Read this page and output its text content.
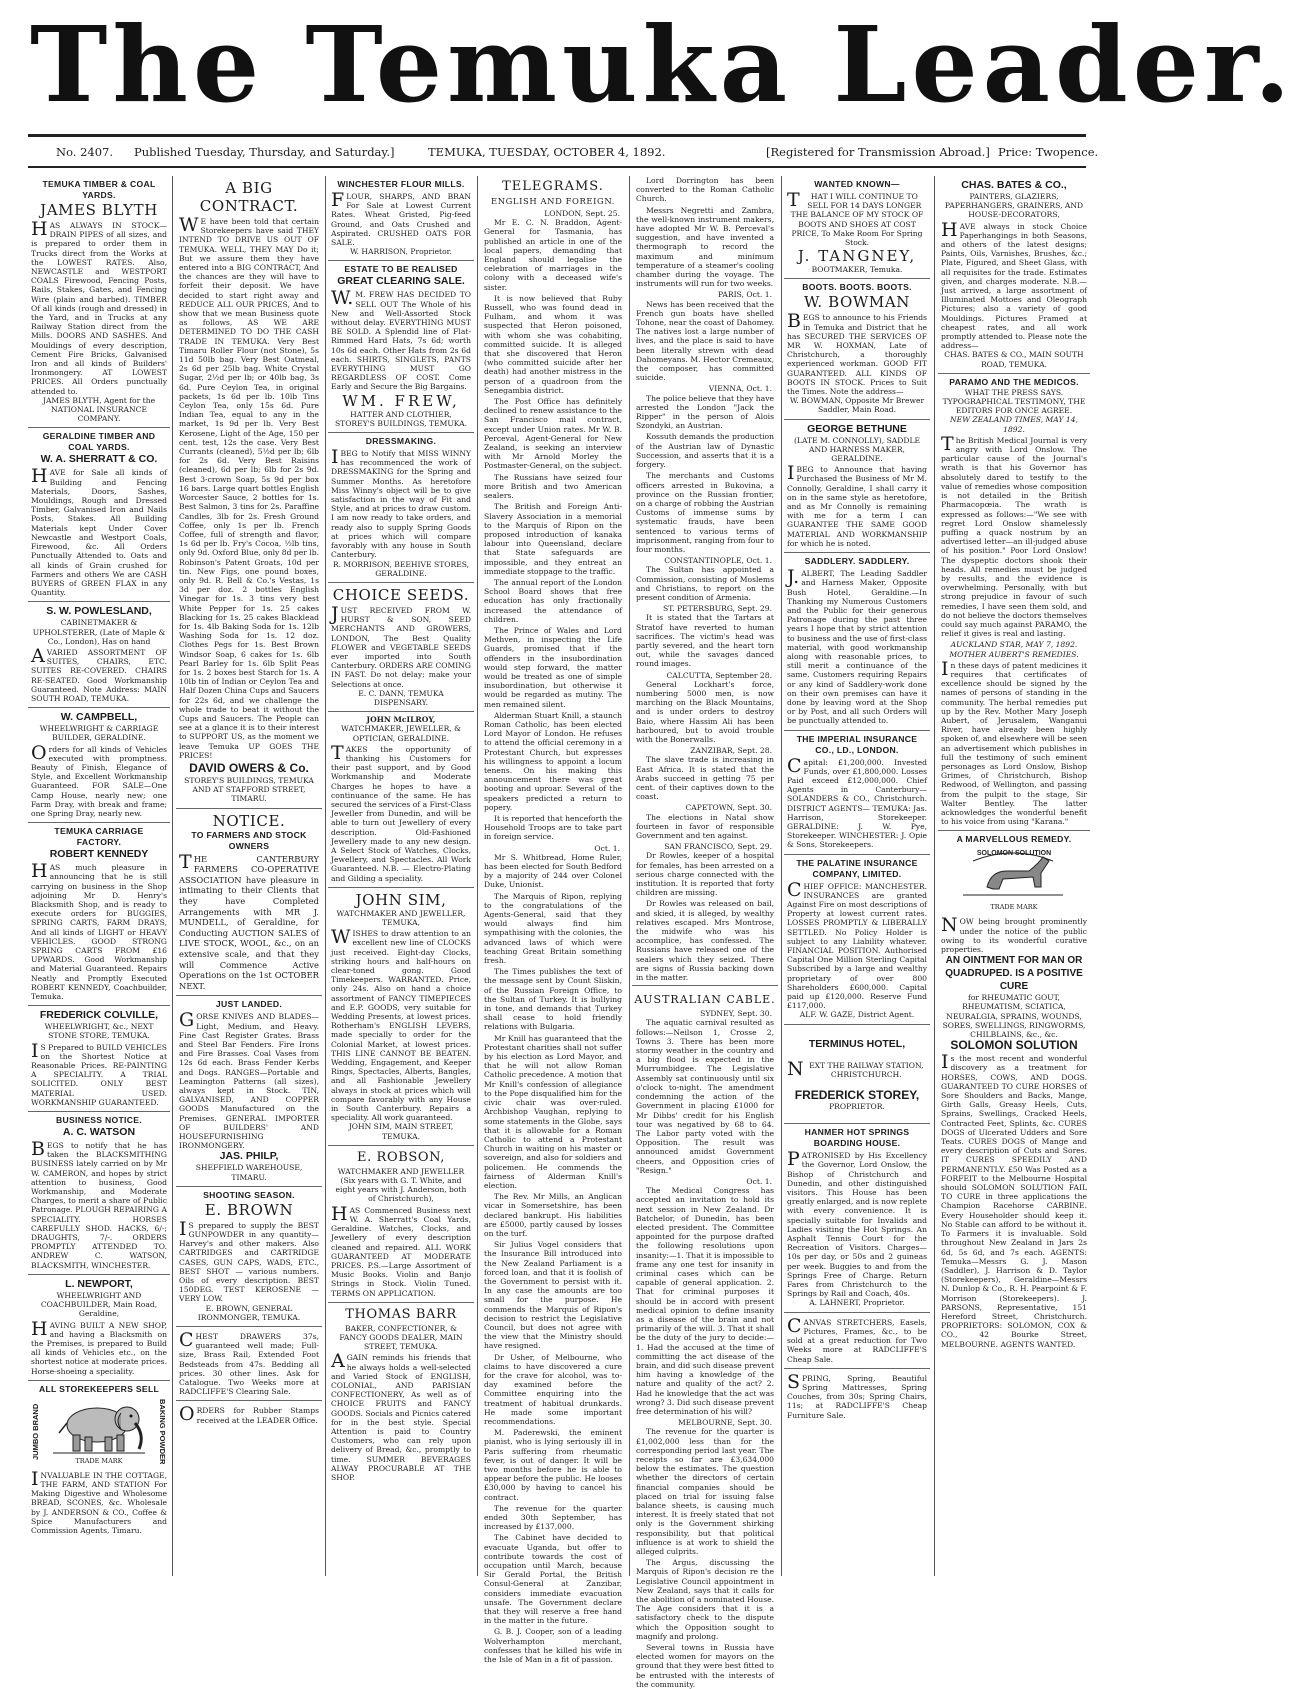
The Temuka Leader.
No. 2407. Published Tuesday, Thursday, and Saturday.]	TEMUKA, TUESDAY, OCTOBER 4, 1892.	[Registered for Transmission Abroad.] Price: Twopence.
TEMUKA TIMBER & COAL YARDS.
JAMES BLYTH
HAS ALWAYS IN STOCK— DRAIN PIPES of all sizes, and is prepared to order them in Trucks direct from the Works at the LOWEST RATES. Also, NEWCASTLE and WESTPORT COALS Firewood, Fencing Posts, Rails, Stakes, Gates, and Fencing Wire (plain and barbed). TIMBER Of all kinds (rough and dressed) in the Yard, and in Trucks at any Railway Station direct from the Mills. DOORS AND SASHES. And Mouldings of every description, Cement Fire Bricks, Galvanised Iron and all kinds of Builders' Ironmongery. AT LOWEST PRICES. All Orders punctually attended to.
JAMES BLYTH, Agent for the NATIONAL INSURANCE COMPANY.
GERALDINE TIMBER AND COAL YARDS.
W. A. SHERRATT & CO.
HAVE for Sale all kinds of Building and Fencing Materials, Doors, Sashes, Mouldings, Rough and Dressed Timber, Galvanised Iron and Nails Posts, Stakes. All Building Materials kept Under Cover Newcastle and Westport Coals, Firewood, &c. All Orders Punctually Attended to. Oats and all kinds of Grain crushed for Farmers and others We are CASH BUYERS of GREEN FLAX in any Quantity.
S. W. POWLESLAND,
CABINETMAKER & UPHOLSTERER, (Late of Maple & Co., London), Has on hand
AVARIED ASSORTMENT OF SUITES, CHAIRS, ETC. SUITES RE-COVERED. CHAIRS RE-SEATED. Good Workmanship Guaranteed. Note Address: MAIN SOUTH ROAD, TEMUKA.
W. CAMPBELL,
WHEELWRIGHT & CARRIAGE BUILDER, GERALDINE.
Orders for all kinds of Vehicles executed with promptness. Beauty of Finish, Elegance of Style, and Excellent Workmanship Guaranteed. FOR SALE—One Camp House, nearly new; one Farm Dray, with break and frame; one Spring Dray, nearly new.
TEMUKA CARRIAGE FACTORY.
ROBERT KENNEDY
HAS much pleasure in announcing that he is still carrying on business in the Shop adjoining Mr D. Henry's Blacksmith Shop, and is ready to execute orders for BUGGIES, SPRING CARTS, FARM DRAYS, And all kinds of LIGHT or HEAVY VEHICLES. GOOD STRONG SPRING CARTS FROM £16 UPWARDS. Good Workmanship and Material Guaranteed. Repairs Neatly and Promptly Executed ROBERT KENNEDY, Coachbuilder, Temuka.
FREDERICK COLVILLE,
WHEELWRIGHT, &c., NEXT STONE STORE, TEMUKA.
IS Prepared to BUILD VEHICLES on the Shortest Notice at Reasonable Prices. RE-PAINTING A SPECIALITY. A TRIAL SOLICITED. ONLY BEST MATERIAL USED. WORKMANSHIP GUARANTEED.
BUSINESS NOTICE.
A. C. WATSON
BEGS to notify that he has taken the BLACKSMITHING BUSINESS lately carried on by Mr W. CAMERON, and hopes by strict attention to business, Good Workmanship, and Moderate Charges, to merit a share of Public Patronage. PLOUGH REPAIRING A SPECIALITY. HORSES CAREFULLY SHOD. HACKS, 6/-; DRAUGHTS, 7/-. ORDERS PROMPTLY ATTENDED TO. ANDREW C. WATSON, BLACKSMITH, WINCHESTER.
L. NEWPORT,
WHEELWRIGHT AND COACHBUILDER, Main Road, Geraldine,
HAVING BUILT A NEW SHOP, and having a Blacksmith on the Premises, is prepared to Build all kinds of Vehicles etc., on the shortest notice at moderate prices. Horse-shoeing a speciality.
ALL STOREKEEPERS SELL
JUMBO BRAND	BAKING POWDER
TRADE MARK
INVALUABLE IN THE COTTAGE, THE FARM, AND STATION For Making Digestive and Wholesome BREAD, SCONES, &c. Wholesale by J. ANDERSON & CO., Coffee & Spice Manufacturers and Commission Agents, Timaru.
A BIG CONTRACT.
WE have been told that certain Storekeepers have said THEY INTEND TO DRIVE US OUT OF TEMUKA. WELL, THEY MAY Do it; But we assure them they have entered into a BIG CONTRACT, And the chances are they will have to forfeit their deposit. We have decided to start right away and REDUCE ALL OUR PRICES, And to show that we mean Business quote as follows, AS WE ARE DETERMINED TO DO THE CASH TRADE IN TEMUKA. Very Best Timaru Roller Flour (not Stone), 5s 11d 50lb bag. Very Best Oatmeal, 2s 6d per 25lb bag. White Crystal Sugar, 2½d per lb; or 40lb bag, 3s 6d. Pure Ceylon Tea, in original packets, 1s 6d per lb. 10lb Tins Ceylon Tea, only 15s 6d. Pure Indian Tea, equal to any in the market, 1s 9d per lb. Very Best Kerosene, Light of the Age, 150 per cent. test, 12s the case. Very Best Currants (cleaned), 5½d per lb; 6lb for 2s 6d. Very Best Raisins (cleaned), 6d per lb; 6lb for 2s 9d. Best 3-crown Soap, 5s 9d per box 16 bars. Large quart bottles English Worcester Sauce, 2 bottles for 1s. Best Salmon, 3 tins for 2s. Paraffine Candles, 3lb for 2s. Fresh Ground Coffee, only 1s per lb. French Coffee, full of strength and flavor, 1s 6d per lb. Fry's Cocoa, ½lb tins, only 9d. Oxford Blue, only 8d per lb. Robinson's Patent Groats, 10d per tin. New Figs, one pound boxes, only 9d. R. Bell & Co.'s Vestas, 1s 3d per doz. 2 bottles English Vinegar for 1s. 3 tins very best White Pepper for 1s. 25 cakes Blacking for 1s. 25 cakes Blacklead for 1s. 4lb Baking Soda for 1s. 12lb Washing Soda for 1s. 12 doz. Clothes Pegs for 1s. Best Brown Windsor Soap, 6 cakes for 1s. 6lb Pearl Barley for 1s. 6lb Split Peas for 1s. 2 boxes best Starch for 1s. A 10lb tin of Indian or Ceylon Tea and Half Dozen China Cups and Saucers for 22s 6d, and we challenge the whole trade to beat it without the Cups and Saucers. The People can see at a glance it is to their interest to SUPPORT US, as the moment we leave Temuka UP GOES THE PRICES!
DAVID OWERS & Co.
STOREY'S BUILDINGS, TEMUKA AND AT STAFFORD STREET, TIMARU.
NOTICE.
TO FARMERS AND STOCK OWNERS
THE CANTERBURY FARMERS CO-OPERATIVE ASSOCIATION have pleasure in intimating to their Clients that they have Completed Arrangements with MR J. MUNDELL, of Geraldine, for Conducting AUCTION SALES of LIVE STOCK, WOOL, &c., on an extensive scale, and that they will Commence Active Operations on the 1st OCTOBER NEXT.
JUST LANDED.
GORSE KNIVES AND BLADES—Light, Medium, and Heavy. Fine Cast Register Grates. Brass and Steel Bar Fenders. Fire Irons and Fire Brasses. Coal Vases from 12s 6d each. Brass Fender Kerbs and Dogs. RANGES—Portable and Leamington Patterns (all sizes), always kept in Stock. TIN, GALVANISED, AND COPPER GOODS Manufactured on the Premises. GENERAL IMPORTER OF BUILDERS' AND HOUSEFURNISHING IRONMONGERY.
JAS. PHILP,
SHEFFIELD WAREHOUSE, TIMARU.
SHOOTING SEASON.
E. BROWN
IS prepared to supply the BEST GUNPOWDER in any quantity—Harvey's and other makers. Also CARTRIDGES and CARTRIDGE CASES, GUN CAPS, WADS, ETC., BEST SHOT — various numbers. Oils of every description. BEST 150DEG. TEST KEROSENE — VERY LOW.
E. BROWN, GENERAL IRONMONGER, TEMUKA.
CHEST DRAWERS 37s, guaranteed well made; Full-size, Brass Rail, Extended Foot Bedsteads from 47s. Bedding all prices. 30 other lines. Ask for Catalogue. Two Weeks more at RADCLIFFE'S Clearing Sale.
ORDERS for Rubber Stamps received at the LEADER Office.
WINCHESTER FLOUR MILLS.
FLOUR, SHARPS, AND BRAN For Sale at Lowest Current Rates. Wheat Gristed, Pig-feed Ground, and Oats Crushed and Aspirated. CRUSHED OATS FOR SALE.
W. HARRISON, Proprietor.
ESTATE TO BE REALISED
GREAT CLEARING SALE.
W.M. FREW HAS DECIDED TO SELL OUT The Whole of his New and Well-Assorted Stock without delay. EVERYTHING MUST BE SOLD. A Splendid line of Flat-Rimmed Hard Hats, 7s 6d; worth 10s 6d each. Other Hats from 2s 6d each. SHIRTS, SINGLETS, PANTS EVERYTHING MUST GO REGARDLESS OF COST. Come Early and Secure the Big Bargains.
WM. FREW,
HATTER AND CLOTHIER, STOREY'S BUILDINGS, TEMUKA.
DRESSMAKING.
IBEG to Notify that MISS WINNY has recommenced the work of DRESSMAKING for the Spring and Summer Months. As heretofore Miss Winny's object will be to give satisfaction in the way of Fit and Style, and at prices to draw custom. I am now ready to take orders, and ready also to supply Spring Goods at prices which will compare favorably with any house in South Canterbury.
R. MORRISON, BEEHIVE STORES, GERALDINE.
CHOICE SEEDS.
JUST RECEIVED FROM W. HURST & SON, SEED MERCHANTS AND GROWERS, LONDON, The Best Quality FLOWER and VEGETABLE SEEDS ever imported into South Canterbury. ORDERS ARE COMING IN FAST. Do not delay; make your Selections at once.
E. C. DANN, TEMUKA DISPENSARY.
JOHN McILROY,
WATCHMAKER, JEWELLER, & OPTICIAN, GERALDINE.
TAKES the opportunity of thanking his Customers for their past support, and by Good Workmanship and Moderate Charges he hopes to have a continuance of the same. He has secured the services of a First-Class Jeweller from Dunedin, and will be able to turn out Jewellery of every description. Old-Fashioned Jewellery made to any new design. A Select Stock of Watches, Clocks, Jewellery, and Spectacles. All Work Guaranteed. N.B. — Electro-Plating and Gilding a speciality.
JOHN SIM,
WATCHMAKER AND JEWELLER, TEMUKA,
WISHES to draw attention to an excellent new line of CLOCKS just received. Eight-day Clocks, striking hours and half-hours on clear-toned gong. Good Timekeepers. WARRANTED. Price, only 24s. Also on hand a choice assortment of FANCY TIMEPIECES and E.P. GOODS, very suitable for Wedding Presents, at lowest prices. Rotherham's ENGLISH LEVERS, made specially to order for the Colonial Market, at lowest prices. THIS LINE CANNOT BE BEATEN. Wedding, Engagement, and Keeper Rings, Spectacles, Alberts, Bangles, and all Fashionable Jewellery always in stock at prices which will compare favorably with any House in South Canterbury. Repairs a speciality. All work guaranteed.
JOHN SIM, MAIN STREET, TEMUKA.
E. ROBSON,
WATCHMAKER AND JEWELLER (Six years with G. T. White, and eight years with J. Anderson, both of Christchurch),
HAS Commenced Business next W. A. Sherratt's Coal Yards, Geraldine. Watches, Clocks, and Jewellery of every description cleaned and repaired. ALL WORK GUARANTEED AT MODERATE PRICES. P.S.—Large Assortment of Music Books. Violin and Banjo Strings in Stock. Violin Tuned. TERMS ON APPLICATION.
THOMAS BARR
BAKER, CONFECTIONER, & FANCY GOODS DEALER, MAIN STREET, TEMUKA.
AGAIN reminds his friends that he always holds a well-selected and Varied Stock of ENGLISH, COLONIAL, AND PARISIAN CONFECTIONERY, As well as of CHOICE FRUITS and FANCY GOODS. Socials and Picnics catered for in the best style. Special Attention is paid to Country Customers, who can rely upon delivery of Bread, &c., promptly to time. SUMMER BEVERAGES ALWAY PROCURABLE AT THE SHOP.
TELEGRAMS.
ENGLISH AND FOREIGN.
LONDON, Sept. 25.
Mr E. C. N. Braddon, Agent-General for Tasmania, has published an article in one of the local papers, demanding that England should legalise the celebration of marriages in the colony with a deceased wife's sister.
It is now believed that Ruby Russell, who was found dead in Fulham, and whom it was suspected that Heron poisoned, with whom she was cohabiting, committed suicide. It is alleged that she discovered that Heron (who committed suicide after her death) had another mistress in the person of a quadroon from the Senegambia district.
The Post Office has definitely declined to renew assistance to the San Francisco mail contract, except under Union rates. Mr W. B. Perceval, Agent-General for New Zealand, is seeking an interview with Mr Arnold Morley the Postmaster-General, on the subject.
The Russians have seized four more British and two American sealers.
The British and Foreign Anti-Slavery Association in a memorial to the Marquis of Ripon on the proposed introduction of kanaka labour into Queensland, declare that State safeguards are impossible, and they entreat an immediate stoppage to the traffic.
The annual report of the London School Board shows that free education has only fractionally increased the attendance of children.
The Prince of Wales and Lord Methven, in inspecting the Life Guards, promised that if the offenders in the insubordination would step forward, the matter would be treated as one of simple insubordination, but otherwise it would be regarded as mutiny. The men remained silent.
Alderman Stuart Knill, a staunch Roman Catholic, has been elected Lord Mayor of London. He refuses to attend the official ceremony in a Protestant Church, but expresses his willingness to appoint a locum tenens. On his making this announcement there was great booting and uproar. Several of the speakers predicted a return to popery.
It is reported that henceforth the Household Troops are to take part in foreign service.
Oct. 1.
Mr S. Whitbread, Home Ruler, has been elected for South Bedford by a majority of 244 over Colonel Duke, Unionist.
The Marquis of Ripon, replying to the congratulations of the Agents-General, said that they would always find him sympathising with the colonies, the advanced laws of which were teaching Great Britain something fresh.
The Times publishes the text of the message sent by Count Sliskin, of the Russian Foreign Office, to the Sultan of Turkey. It is bullying in tone, and demands that Turkey shall cease to hold friendly relations with Bulgaria.
Mr Knill has guaranteed that the Protestant charities shall not suffer by his election as Lord Mayor, and that he will not allow Roman Catholic precedence. A motion that Mr Knill's confession of allegiance to the Pope disqualified him for the civic chair was over-ruled. Archbishop Vaughan, replying to some statements in the Globe, says that it is allowable for a Roman Catholic to attend a Protestant Church in waiting on his master or sovereign, and also for soldiers and policemen. He commends the fairness of Alderman Knill's election.
The Rev. Mr Mills, an Anglican vicar in Somersetshire, has been declared bankrupt. His liabilities are £5000, partly caused by losses on the turf.
Sir Julius Vogel considers that the Insurance Bill introduced into the New Zealand Parliament is a forced loan, and that it is foolish of the Government to persist with it. In any case the amounts are too small for the purpose. He commends the Marquis of Ripon's decision to restrict the Legislative Council, but does not agree with the view that the Ministry should have resigned.
Dr Usher, of Melbourne, who claims to have discovered a cure for the crave for alcohol, was to-day examined before the Committee enquiring into the treatment of habitual drunkards. He made some important recommendations.
M. Paderewski, the eminent pianist, who is lying seriously ill in Paris suffering from rheumatic fever, is out of danger. It will be two months before he is able to appear before the public. He looses £30,000 by having to cancel his contract.
The revenue for the quarter ended 30th September, has increased by £137,000.
The Cabinet have decided to evacuate Uganda, but offer to contribute towards the cost of occupation until March, because Sir Gerald Portal, the British Consul-General at Zanzibar, considers immediate evacuation unsafe. The Government declare that they will reserve a free hand in the matter in the future.
G. B. J. Cooper, son of a leading Wolverhampton merchant, confesses that he killed his wife in the Isle of Man in a fit of passion.
Lord Dorrington has been converted to the Roman Catholic Church.
Messrs Negretti and Zambra, the well-known instrument makers, have adopted Mr W. B. Perceval's suggestion, and have invented a thermograph to record the maximum and minimum temperature of a steamer's cooling chamber during the voyage. The instruments will run for two weeks.
PARIS, Oct. 1.
News has been received that the French gun boats have shelled Tohone, near the coast of Dahomey. The natives lost a large number of lives, and the place is said to have been literally strewn with dead Dahomeyans. M. Hector Cremeaux, the composer, has committed suicide.
VIENNA, Oct. 1.
The police believe that they have arrested the London "Jack the Ripper" in the person of Alois Szondyki, an Austrian.
Kossuth demands the production of the Austrian law of Dynastic Succession, and asserts that it is a forgery.
The merchants and Customs officers arrested in Bukovina, a province on the Russian frontier, on a charge of robbing the Austrian Customs of immense sums by systematic frauds, have been sentenced to various terms of imprisonment, ranging from four to four months.
CONSTANTINOPLE, Oct. 1.
The Sultan has appointed a Commission, consisting of Moslems and Christians, to report on the present condition of Armenia.
ST. PETERSBURG, Sept. 29.
It is stated that the Tartars at Stratof have reverted to human sacrifices. The victim's head was partly severed, and the heart torn out, while the savages danced round images.
CALCUTTA, September 28.
General Lockhart's force, numbering 5000 men, is now marching on the Black Mountains, and is under orders to destroy Baio, where Hassim Ali has been harboured, but to avoid trouble with the Bonerwalls.
ZANZIBAR, Sept. 28.
The slave trade is increasing in East Africa. It is stated that the Arabs succeed in getting 75 per cent. of their captives down to the coast.
CAPETOWN, Sept. 30.
The elections in Natal show fourteen in favor of responsible Government and ten against.
SAN FRANCISCO, Sept. 29.
Dr Rowles, keeper of a hospital for females, has been arrested on a serious charge connected with the institution. It is reported that forty children are missing.
Dr Rowles was released on bail, and skied, it is alleged, by wealthy relatives escaped. Mrs Montrose, the midwife who was his accomplice, has confessed. The Russians have released one of the sealers which they seized. There are signs of Russia backing down in the matter.
AUSTRALIAN CABLE.
SYDNEY, Sept. 30.
The aquatic carnival resulted as follows:—Neilson 1, Crosse 2, Towns 3. There has been more stormy weather in the country and a big flood is expected in the Murrumbidgee. The Legislative Assembly sat continuously until six o'clock to-night. The amendment condemning the action of the Government in placing £1000 for Mr Dibbs' credit for his English tour was negatived by 68 to 64. The Labor party voted with the Opposition. The result was announced amidst Government cheers, and Opposition cries of "Resign."
Oct. 1.
The Medical Congress has accepted an invitation to hold its next session in New Zealand. Dr Batchelor, of Dunedin, has been elected president. The Committee appointed for the purpose drafted the following resolutions upon insanity:—1. That it is impossible to frame any one test for insanity in criminal cases which can be capable of general application. 2. That for criminal purposes it should be in accord with present medical opinion to define insanity as a disease of the brain and not primarily of the will. 3. That it shall be the duty of the jury to decide:—1. Had the accused at the time of committing the act disease of the brain, and did such disease prevent him having a knowledge of the nature and quality of the act? 2. Had he knowledge that the act was wrong? 3. Did such disease prevent free determination of his will?
MELBOURNE, Sept. 30.
The revenue for the quarter is £1,002,000 less than for the corresponding period last year. The receipts so far are £3,634,000 below the estimates. The question whether the directors of certain financial companies should be placed on trial for issuing false balance sheets, is causing much interest. It is freely stated that not only is the Government shirking responsibility, but that political influence is at work to shield the alleged culprits.
The Argus, discussing the Marquis of Ripon's decision re the Legislative Council appointment in New Zealand, says that it calls for the abolition of a nominated House. The Age considers that it is a satisfactory check to the dispute which the Opposition sought to magnify and prolong.
Several towns in Russia have elected women for mayors on the ground that they were best fitted to be entrusted with the interests of the community.
WANTED KNOWN—
THAT I WILL CONTINUE TO SELL FOR 14 DAYS LONGER THE BALANCE OF MY STOCK OF BOOTS AND SHOES AT COST PRICE, To Make Room For Spring Stock.
J. TANGNEY,
BOOTMAKER, Temuka.
BOOTS. BOOTS. BOOTS.
W. BOWMAN
BEGS to announce to his Friends in Temuka and District that he has SECURED THE SERVICES OF MR W. HOXMAN, Late of Christchurch, a thoroughly experienced workman. GOOD FIT GUARANTEED. ALL KINDS OF BOOTS IN STOCK. Prices to Suit the Times. Note the address—
W. BOWMAN, Opposite Mr Brewer Saddler, Main Road.
GEORGE BETHUNE
(LATE M. CONNOLLY), SADDLE AND HARNESS MAKER, GERALDINE.
IBEG to Announce that having Purchased the Business of Mr M. Connolly, Geraldine, I shall carry it on in the same style as heretofore, and as Mr Connolly is remaining with me for a term I can GUARANTEE THE SAME GOOD MATERIAL AND WORKMANSHIP for which he is noted.
SADDLERY. SADDLERY.
J.ALBERT, The Leading Saddler and Harness Maker, Opposite Bush Hotel, Geraldine.—In Thanking my Numerous Customers and the Public for their generous Patronage during the past three years I hope that by strict attention to business and the use of first-class material, with good workmanship along with reasonable prices, to still merit a continuance of the same. Customers requiring Repairs or any kind of Saddlery-work done on their own premises can have it done by leaving word at the Shop or by Post, and all such Orders will be punctually attended to.
THE IMPERIAL INSURANCE CO., LD., LONDON.
Capital: £1,200,000. Invested Funds, over £1,800,000. Losses Paid exceed £12,000,000. Chief Agents in Canterbury—SOLANDERS & CO., Christchurch. DISTRICT AGENTS— TEMUKA: Jas. Harrison, Storekeeper. GERALDINE: J. W. Pye, Storekeeper. WINCHESTER: J. Opie & Sons, Storekeepers.
THE PALATINE INSURANCE COMPANY, LIMITED.
CHIEF OFFICE: MANCHESTER. INSURANCES are granted Against Fire on most descriptions of Property at lowest current rates. LOSSES PROMPTLY & LIBERALLY SETTLED. No Policy Holder is subject to any Liability whatever. FINANCIAL POSITION. Authorised Capital One Million Sterling Capital Subscribed by a large and wealthy proprietary of over 800 Shareholders £600,000. Capital paid up £120,000. Reserve Fund £117,000.
ALF. W. GAZE, District Agent.
TERMINUS HOTEL,
NEXT THE RAILWAY STATION, CHRISTCHURCH.
FREDERICK STOREY,
PROPRIETOR.
HANMER HOT SPRINGS BOARDING HOUSE.
PATRONISED by His Excellency the Governor, Lord Onslow, the Bishop of Christchurch and Dunedin, and other distinguished visitors. This House has been greatly enlarged, and is now replete with every convenience. It is specially suitable for Invalids and Ladies visiting the Hot Springs. An Asphalt Tennis Court for the Recreation of Visitors. Charges—10s per day, or 50s and 2 guineas per week. Buggies to and from the Springs Free of Charge. Return Fares from Christchurch to the Springs by Rail and Coach, 40s.
A. LAHNERT, Proprietor.
CANVAS STRETCHERS, Easels, Pictures, Frames, &c., to be sold at a great reduction for Two Weeks more at RADCLIFFE'S Cheap Sale.
SPRING, Spring, Beautiful Spring Mattresses, Spring Couches, from 30s; Spring Chairs, 11s; at RADCLIFFE'S Cheap Furniture Sale.
CHAS. BATES & CO.,
PAINTERS, GLAZIERS, PAPERHANGERS, GRAINERS, AND HOUSE-DECORATORS,
HAVE always in stock Choice Paperhangings in both Seasons, and others of the latest designs; Paints, Oils, Varnishes, Brushes, &c.; Plate, Figured, and Sheet Glass, with all requisites for the trade. Estimates given, and charges moderate. N.B.—Just arrived, a large assortment of Illuminated Mottoes and Oleograph Pictures; also a variety of good Mouldings. Pictures Framed at cheapest rates, and all work promptly attended to. Please note the address—
CHAS. BATES & CO., MAIN SOUTH ROAD, TEMUKA.
PARAMO AND THE MEDICOS.
WHAT THE PRESS SAYS. TYPOGRAPHICAL TESTIMONY, THE EDITORS FOR ONCE AGREE.
NEW ZEALAND TIMES, MAY 14, 1892.
The British Medical Journal is very angry with Lord Onslow. The particular cause of the Journal's wrath is that his Governor has absolutely dared to testify to the value of remedies whose composition is not detailed in the British Pharmacopœia. The wrath is expressed as follows:—"We see with regret Lord Onslow shamelessly puffing a quack nostrum by an advertised letter—an ill-judged abuse of his position." Poor Lord Onslow! The dyspeptic doctors shook their heads. All remedies must be judged by results, and the evidence is overwhelming. Personally, with but strong prejudice in favour of such remedies, I have seen them sold, and do not believe the doctors themselves could say much against PARAMO, the relief it gives is real and lasting.
AUCKLAND STAR, MAY 7, 1892. MOTHER AUBERT'S REMEDIES.
In these days of patent medicines it requires that certificates of excellence should be signed by the names of persons of standing in the community. The herbal remedies put up by the Rev. Mother Mary Joseph Aubert, of Jerusalem, Wanganui River, have already been highly spoken of, and elsewhere will be seen an advertisement which publishes in full the testimony of such eminent personages as Lord Onslow, Bishop Grimes, of Christchurch, Bishop Redwood, of Wellington, and passing from the pulpit to the stage, Sir Walter Bentley. The latter acknowledges the wonderful benefit to his voice from using "Karana."
A MARVELLOUS REMEDY.
SOLOMON SOLUTION
TRADE MARK
NOW being brought prominently under the notice of the public owing to its wonderful curative properties.
AN OINTMENT FOR MAN OR QUADRUPED. IS A POSITIVE CURE
for RHEUMATIC GOUT, RHEUMATISM, SCIATICA, NEURALGIA, SPRAINS, WOUNDS, SORES, SWELLINGS, RINGWORMS, CHILBLAINS, &c., &c.
SOLOMON SOLUTION
Is the most recent and wonderful discovery as a treatment for HORSES, COWS, AND DOGS. GUARANTEED TO CURE HORSES of Sore Shoulders and Backs, Mange, Girth Galls, Greasy Heels, Cuts, Sprains, Swellings, Cracked Heels, Contracted Feet, Splints, &c. CURES DOGS of Ulcerated Udders and Sore Teats. CURES DOGS of Mange and every description of Cuts and Sores. IT CURES SPEEDILY AND PERMANENTLY. £50 Was Posted as a FORFEIT to the Melbourne Hospital should SOLOMON SOLUTION FAIL TO CURE in three applications the Champion Racehorse CARBINE. Every Householder should keep it. No Stable can afford to be without it. To Farmers it is invaluable. Sold throughout New Zealand in Jars 2s 6d, 5s 6d, and 7s each. AGENTS: Temuka—Messrs G. J. Mason (Saddler), J. Harrison & D. Taylor (Storekeepers), Geraldine—Messrs N. Dunlop & Co., R. H. Pearpoint & F. Morrison (Storekeepers). J. PARSONS, Representative, 151 Hereford Street, Christchurch. PROPRIETORS: SOLOMON, COX & CO., 42 Bourke Street, MELBOURNE. AGENTS WANTED.
